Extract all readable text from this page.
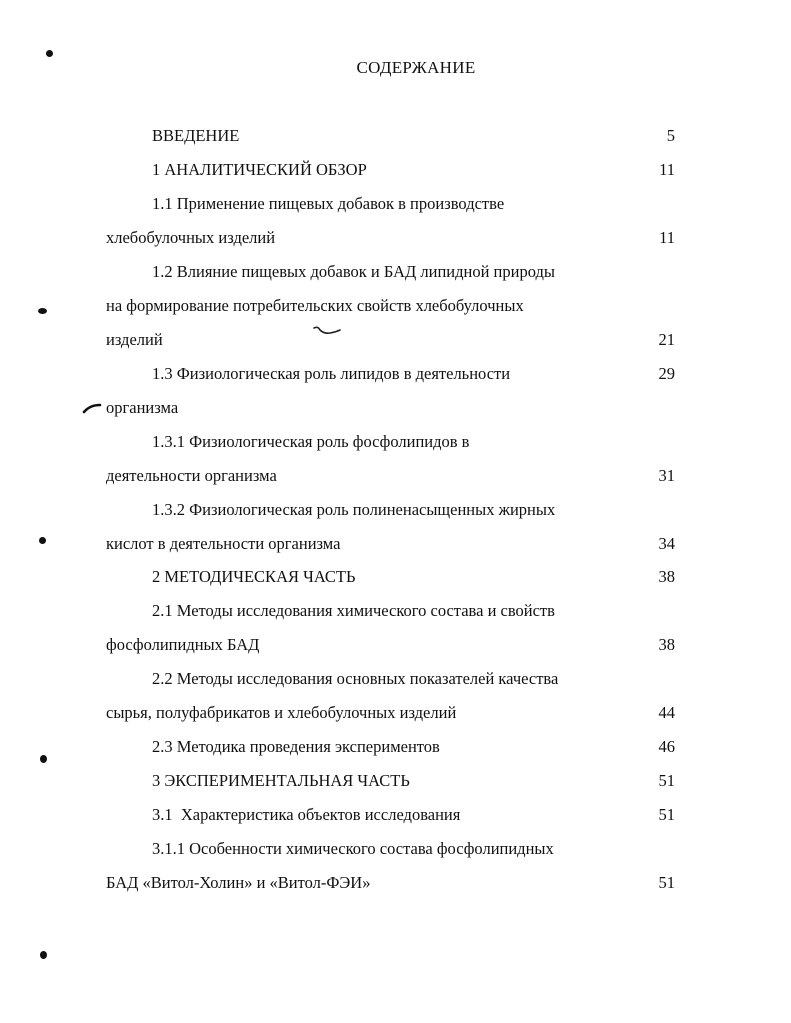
СОДЕРЖАНИЕ
ВВЕДЕНИЕ	5
1 АНАЛИТИЧЕСКИЙ ОБЗОР	11
1.1 Применение пищевых добавок в производстве
хлебобулочных изделий	11
1.2 Влияние пищевых добавок и БАД липидной природы
на формирование потребительских свойств хлебобулочных
изделий	21
1.3 Физиологическая роль липидов в деятельности	29
организма
1.3.1 Физиологическая роль фосфолипидов в
деятельности организма	31
1.3.2 Физиологическая роль полиненасыщенных жирных
кислот в деятельности организма	34
2 МЕТОДИЧЕСКАЯ ЧАСТЬ	38
2.1 Методы исследования химического состава и свойств
фосфолипидных БАД	38
2.2 Методы исследования основных показателей качества
сырья, полуфабрикатов и хлебобулочных изделий	44
2.3 Методика проведения экспериментов	46
3 ЭКСПЕРИМЕНТАЛЬНАЯ ЧАСТЬ	51
3.1  Характеристика объектов исследования	51
3.1.1 Особенности химического состава фосфолипидных
БАД «Витол-Холин» и «Витол-ФЭИ»	51
